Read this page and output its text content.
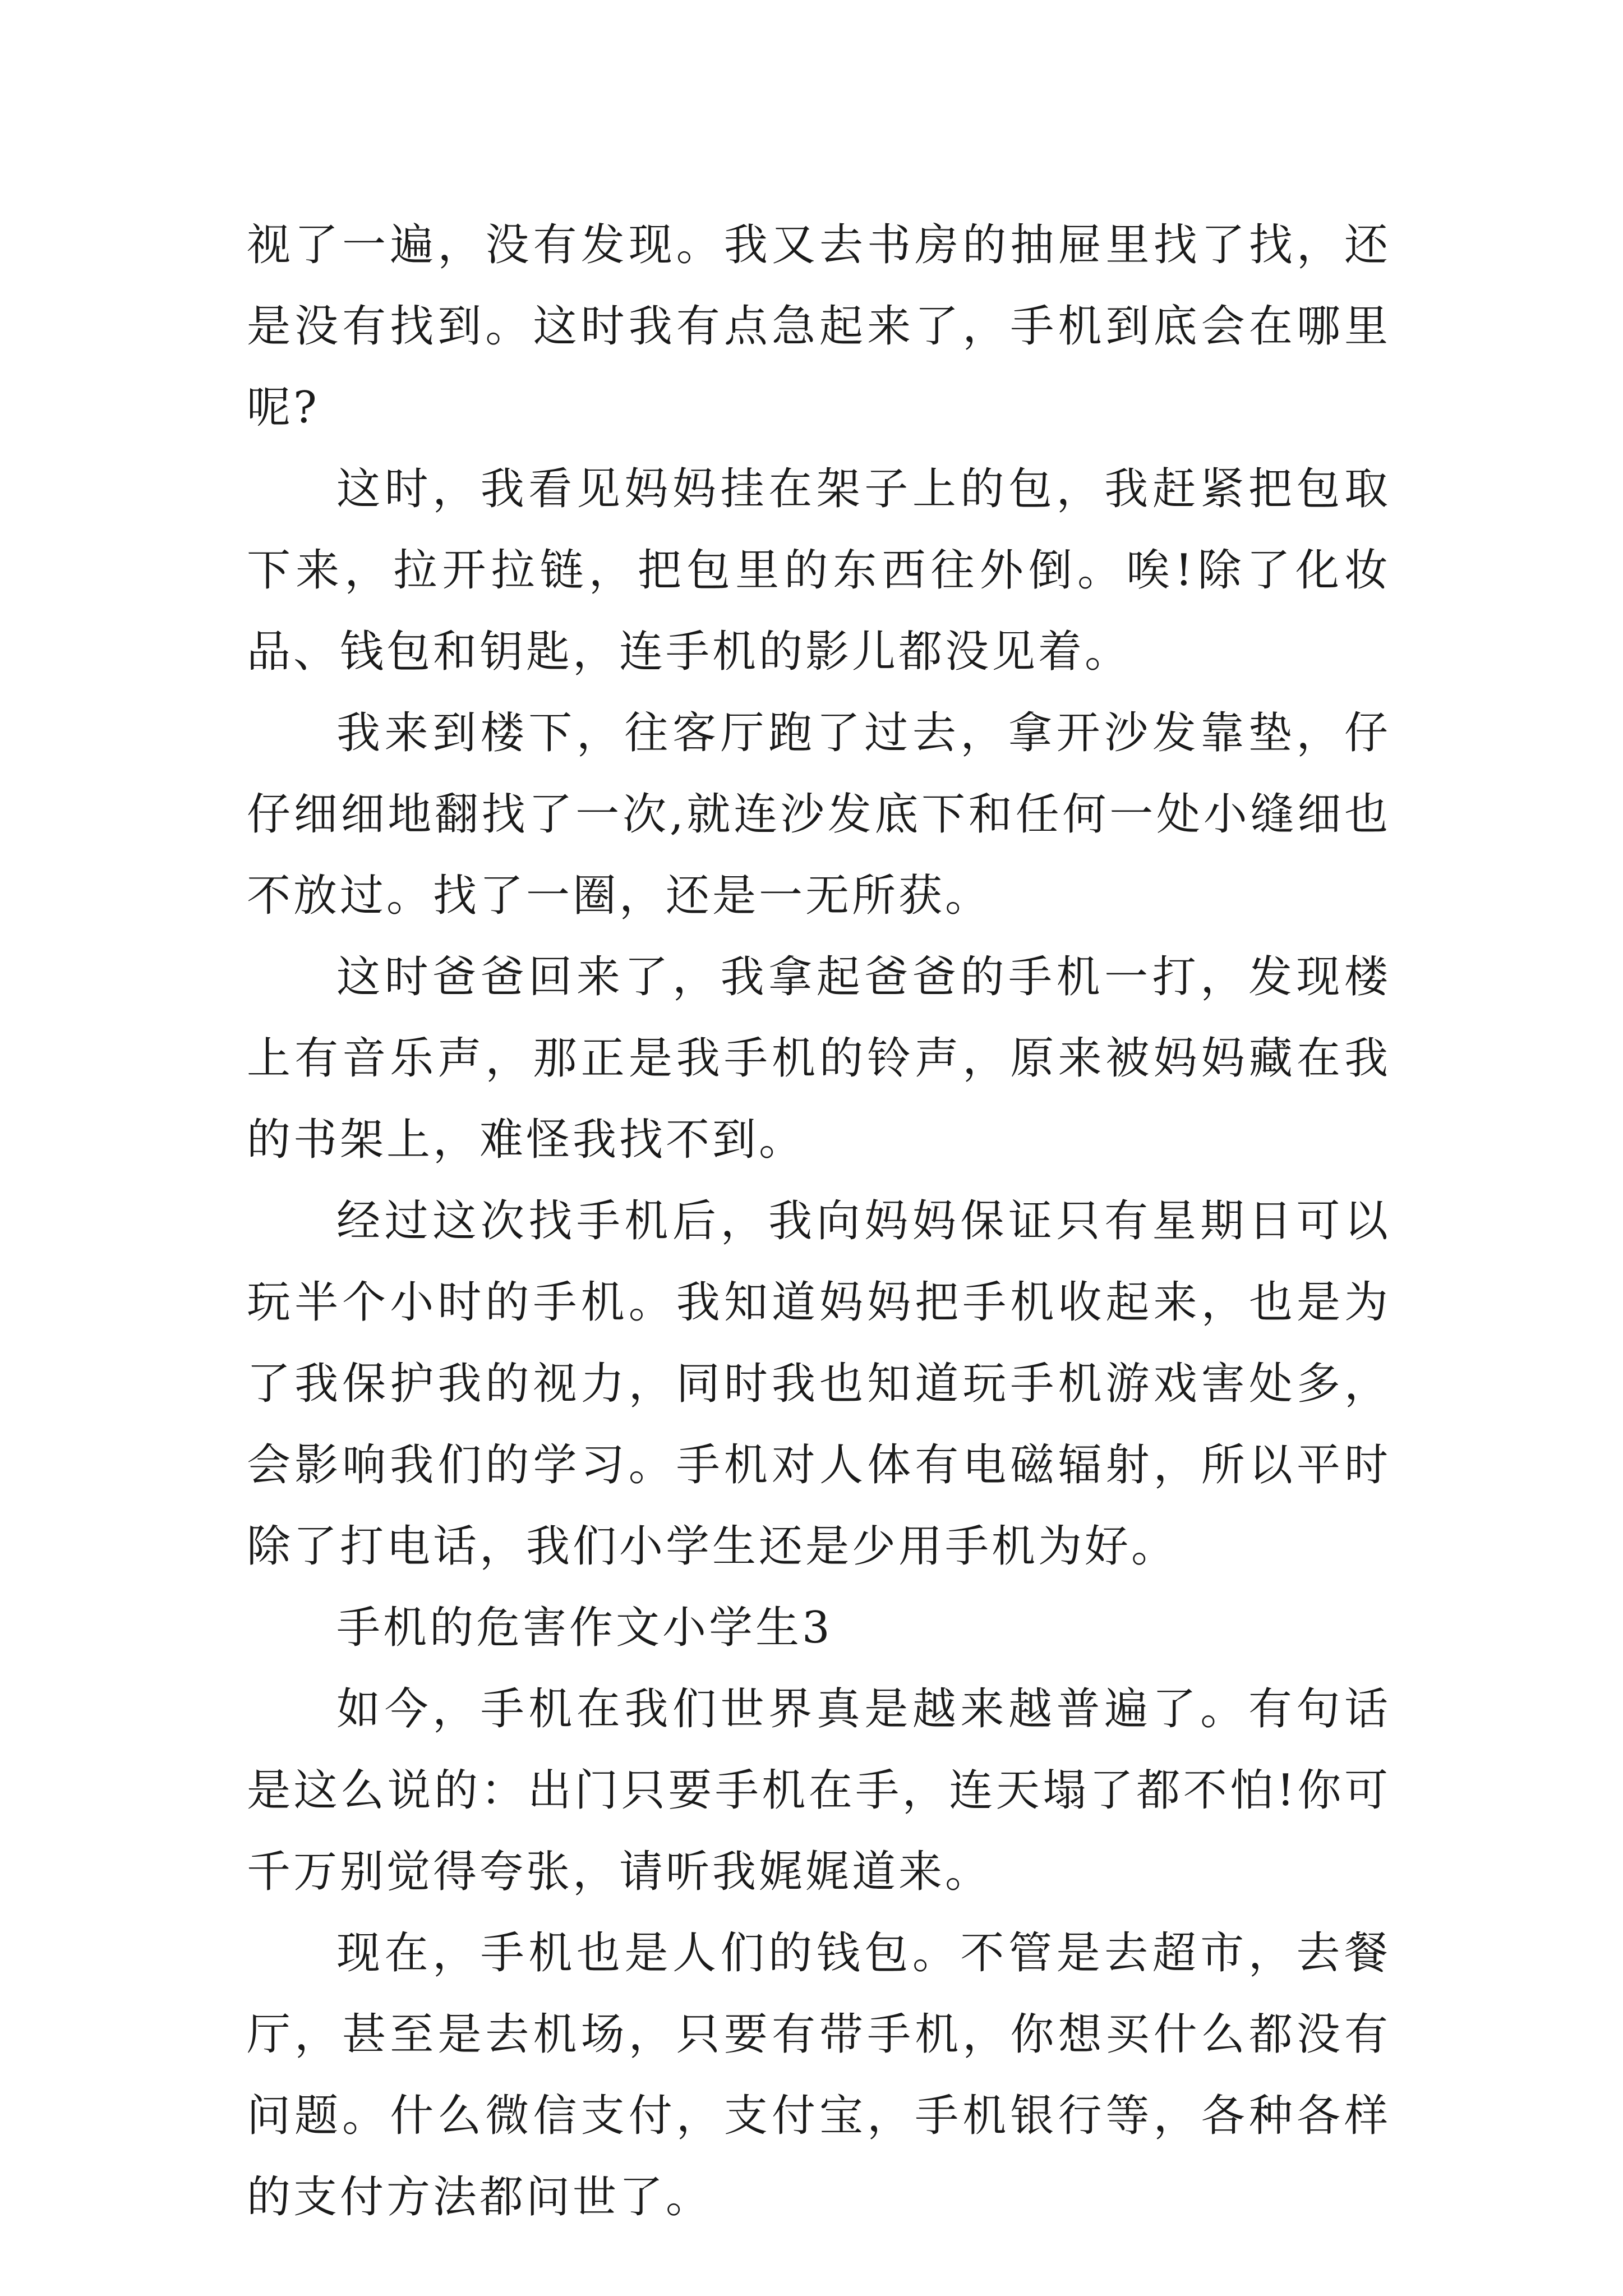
视了一遍，没有发现。我又去书房的抽屉里找了找，还是没有找到。这时我有点急起来了，手机到底会在哪里呢?

这时，我看见妈妈挂在架子上的包，我赶紧把包取下来，拉开拉链，把包里的东西往外倒。唉!除了化妆品、钱包和钥匙，连手机的影儿都没见着。

我来到楼下，往客厅跑了过去，拿开沙发靠垫，仔仔细细地翻找了一次,就连沙发底下和任何一处小缝细也不放过。找了一圈，还是一无所获。

这时爸爸回来了，我拿起爸爸的手机一打，发现楼上有音乐声，那正是我手机的铃声，原来被妈妈藏在我的书架上，难怪我找不到。

经过这次找手机后，我向妈妈保证只有星期日可以玩半个小时的手机。我知道妈妈把手机收起来，也是为了我保护我的视力，同时我也知道玩手机游戏害处多，会影响我们的学习。手机对人体有电磁辐射，所以平时除了打电话，我们小学生还是少用手机为好。

手机的危害作文小学生3

如今，手机在我们世界真是越来越普遍了。有句话是这么说的：出门只要手机在手，连天塌了都不怕!你可千万别觉得夸张，请听我娓娓道来。

现在，手机也是人们的钱包。不管是去超市，去餐厅，甚至是去机场，只要有带手机，你想买什么都没有问题。什么微信支付，支付宝，手机银行等，各种各样的支付方法都问世了。
